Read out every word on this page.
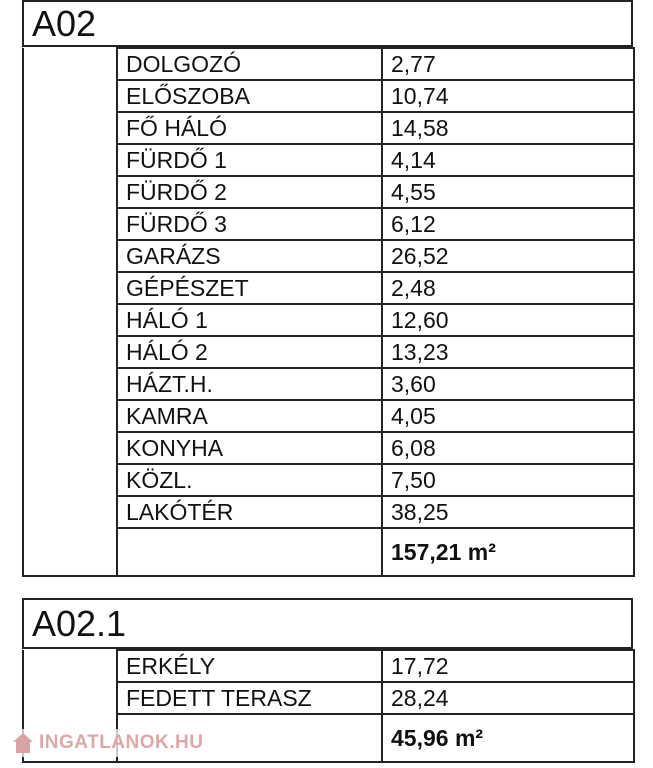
A02
	DOLGOZÓ	2,77
	ELŐSZOBA	10,74
	FŐ HÁLÓ	14,58
	FÜRDŐ 1	4,14
	FÜRDŐ 2	4,55
	FÜRDŐ 3	6,12
	GARÁZS	26,52
	GÉPÉSZET	2,48
	HÁLÓ 1	12,60
	HÁLÓ 2	13,23
	HÁZT.H.	3,60
	KAMRA	4,05
	KONYHA	6,08
	KÖZL.	7,50
	LAKÓTÉR	38,25
		157,21 m²
A02.1
	ERKÉLY	17,72
	FEDETT TERASZ	28,24
		45,96 m²
INGATLANOK.HU
